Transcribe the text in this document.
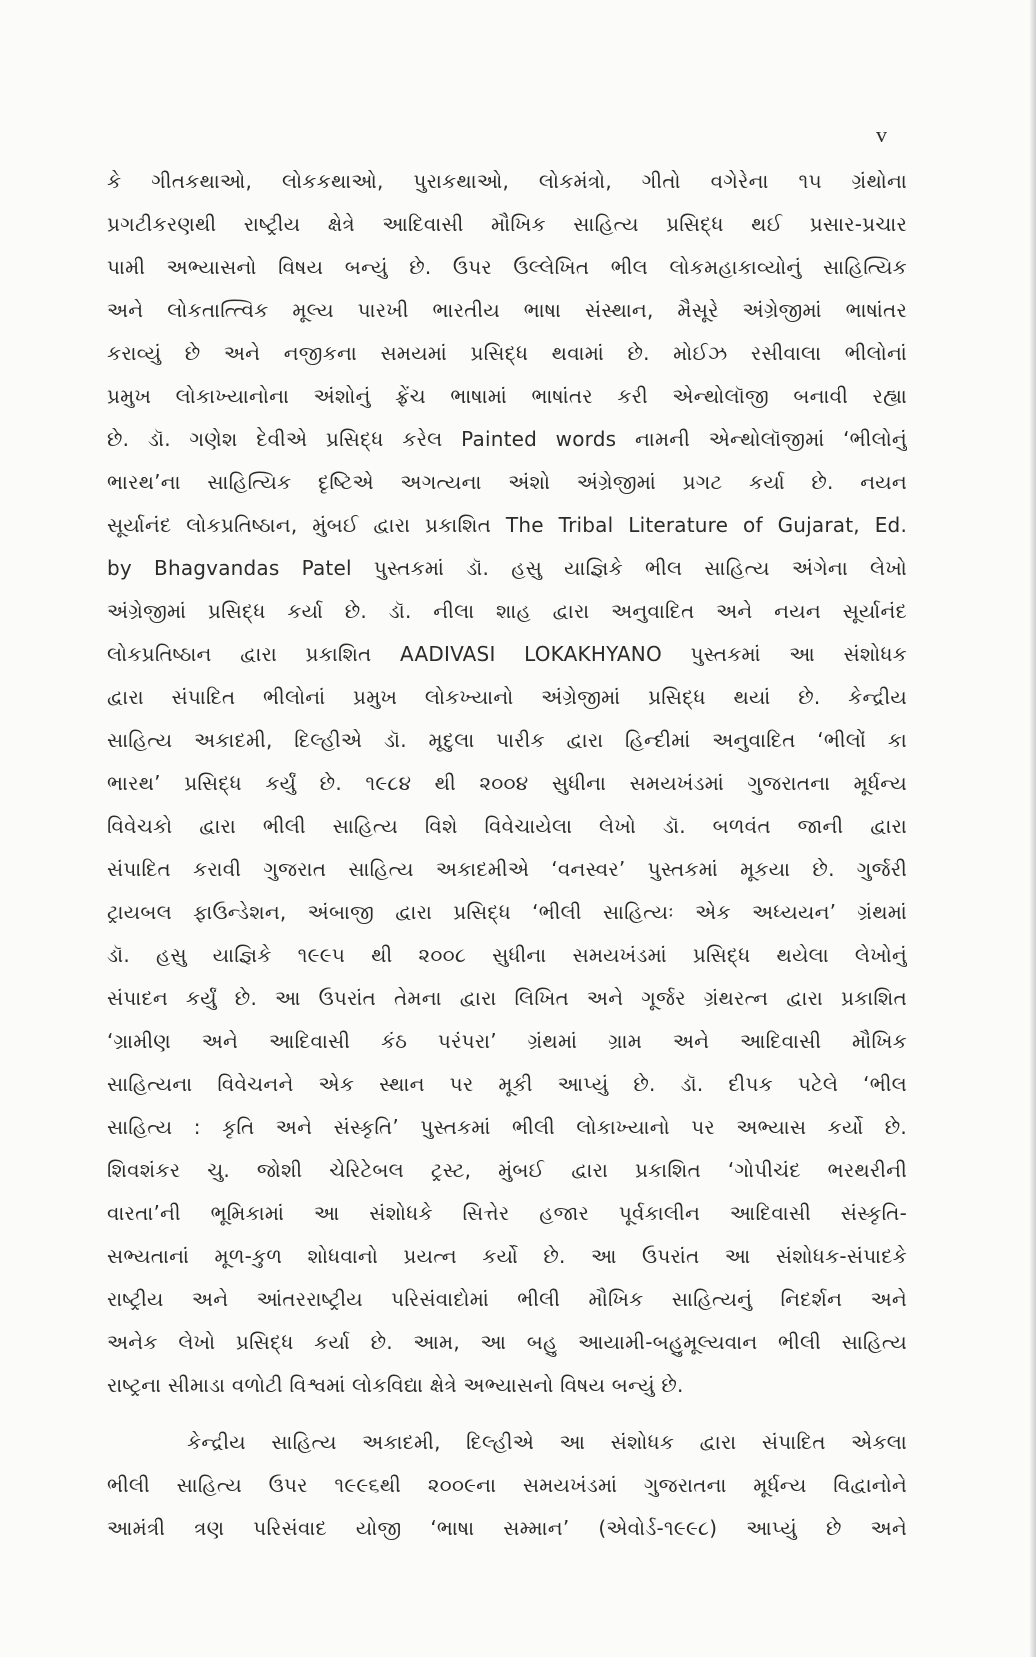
v
કે ગીતકથાઓ, લોકકથાઓ, પુરાકથાઓ, લોકમંત્રો, ગીતો વગેરેના ૧૫ ગ્રંથોના
પ્રગટીકરણથી રાષ્ટ્રીય ક્ષેત્રે આદિવાસી મૌખિક સાહિત્ય પ્રસિદ્ધ થઈ પ્રસાર-પ્રચાર
પામી અભ્યાસનો વિષય બન્યું છે. ઉપર ઉલ્લેખિત ભીલ લોકમહાકાવ્યોનું સાહિત્યિક
અને લોકતાત્ત્વિક મૂલ્ય પારખી ભારતીય ભાષા સંસ્થાન, મૈસૂરે અંગ્રેજીમાં ભાષાંતર
કરાવ્યું છે અને નજીકના સમયમાં પ્રસિદ્ધ થવામાં છે. મોઈઝ રસીવાલા ભીલોનાં
પ્રમુખ લોકાખ્યાનોના અંશોનું ફ્રેંચ ભાષામાં ભાષાંતર કરી એન્થોલૉજી બનાવી રહ્યા
છે. ડૉ. ગણેશ દેવીએ પ્રસિદ્ધ કરેલ Painted words નામની એન્થોલૉજીમાં ‘ભીલોનું
ભારથ’ના સાહિત્યિક દૃષ્ટિએ અગત્યના અંશો અંગ્રેજીમાં પ્રગટ કર્યા છે. નયન
સૂર્યાનંદ લોકપ્રતિષ્ઠાન, મુંબઈ દ્વારા પ્રકાશિત The Tribal Literature of Gujarat, Ed.
by Bhagvandas Patel પુસ્તકમાં ડૉ. હસુ યાજ્ઞિકે ભીલ સાહિત્ય અંગેના લેખો
અંગ્રેજીમાં પ્રસિદ્ધ કર્યા છે. ડૉ. નીલા શાહ દ્વારા અનુવાદિત અને નયન સૂર્યાનંદ
લોકપ્રતિષ્ઠાન દ્વારા પ્રકાશિત AADIVASI LOKAKHYANO પુસ્તકમાં આ સંશોધક
દ્વારા સંપાદિત ભીલોનાં પ્રમુખ લોકખ્યાનો અંગ્રેજીમાં પ્રસિદ્ધ થયાં છે. કેન્દ્રીય
સાહિત્ય અકાદમી, દિલ્હીએ ડૉ. મૃદુલા પારીક દ્વારા હિન્દીમાં અનુવાદિત ‘ભીલોં કા
ભારથ’ પ્રસિદ્ધ કર્યું છે. ૧૯૮૪ થી ૨૦૦૪ સુધીના સમયખંડમાં ગુજરાતના મૂર્ધન્ય
વિવેચકો દ્વારા ભીલી સાહિત્ય વિશે વિવેચાયેલા લેખો ડૉ. બળવંત જાની દ્વારા
સંપાદિત કરાવી ગુજરાત સાહિત્ય અકાદમીએ ‘વનસ્વર’ પુસ્તકમાં મૂકયા છે. ગુર્જરી
ટ્રાયબલ ફાઉન્ડેશન, અંબાજી દ્વારા પ્રસિદ્ધ ‘ભીલી સાહિત્યઃ એક અધ્યયન’ ગ્રંથમાં
ડૉ. હસુ યાજ્ઞિકે ૧૯૯૫ થી ૨૦૦૮ સુધીના સમયખંડમાં પ્રસિદ્ધ થયેલા લેખોનું
સંપાદન કર્યું છે. આ ઉપરાંત તેમના દ્વારા લિખિત અને ગૂર્જર ગ્રંથરત્ન દ્વારા પ્રકાશિત
‘ગ્રામીણ અને આદિવાસી કંઠ પરંપરા’ ગ્રંથમાં ગ્રામ અને આદિવાસી મૌખિક
સાહિત્યના વિવેચનને એક સ્થાન પર મૂકી આપ્યું છે. ડૉ. દીપક પટેલે ‘ભીલ
સાહિત્ય : કૃતિ અને સંસ્કૃતિ’ પુસ્તકમાં ભીલી લોકાખ્યાનો પર અભ્યાસ કર્યો છે.
શિવશંકર ચુ. જોશી ચેરિટેબલ ટ્રસ્ટ, મુંબઈ દ્વારા પ્રકાશિત ‘ગોપીચંદ ભરથરીની
વારતા’ની ભૂમિકામાં આ સંશોધકે સિત્તેર હજાર પૂર્વકાલીન આદિવાસી સંસ્કૃતિ-
સભ્યતાનાં મૂળ-કુળ શોધવાનો પ્રયત્ન કર્યો છે. આ ઉપરાંત આ સંશોધક-સંપાદકે
રાષ્ટ્રીય અને આંતરરાષ્ટ્રીય પરિસંવાદોમાં ભીલી મૌખિક સાહિત્યનું નિદર્શન અને
અનેક લેખો પ્રસિદ્ધ કર્યા છે. આમ, આ બહુ આયામી-બહુમૂલ્યવાન ભીલી સાહિત્ય
રાષ્ટ્રના સીમાડા વળોટી વિશ્વમાં લોકવિદ્યા ક્ષેત્રે અભ્યાસનો વિષય બન્યું છે.
કેન્દ્રીય સાહિત્ય અકાદમી, દિલ્હીએ આ સંશોધક દ્વારા સંપાદિત એકલા
ભીલી સાહિત્ય ઉપર ૧૯૯૬થી ૨૦૦૯ના સમયખંડમાં ગુજરાતના મૂર્ધન્ય વિદ્વાનોને
આમંત્રી ત્રણ પરિસંવાદ યોજી ‘ભાષા સમ્માન’ (એવોર્ડ-૧૯૯૮) આપ્યું છે અને
